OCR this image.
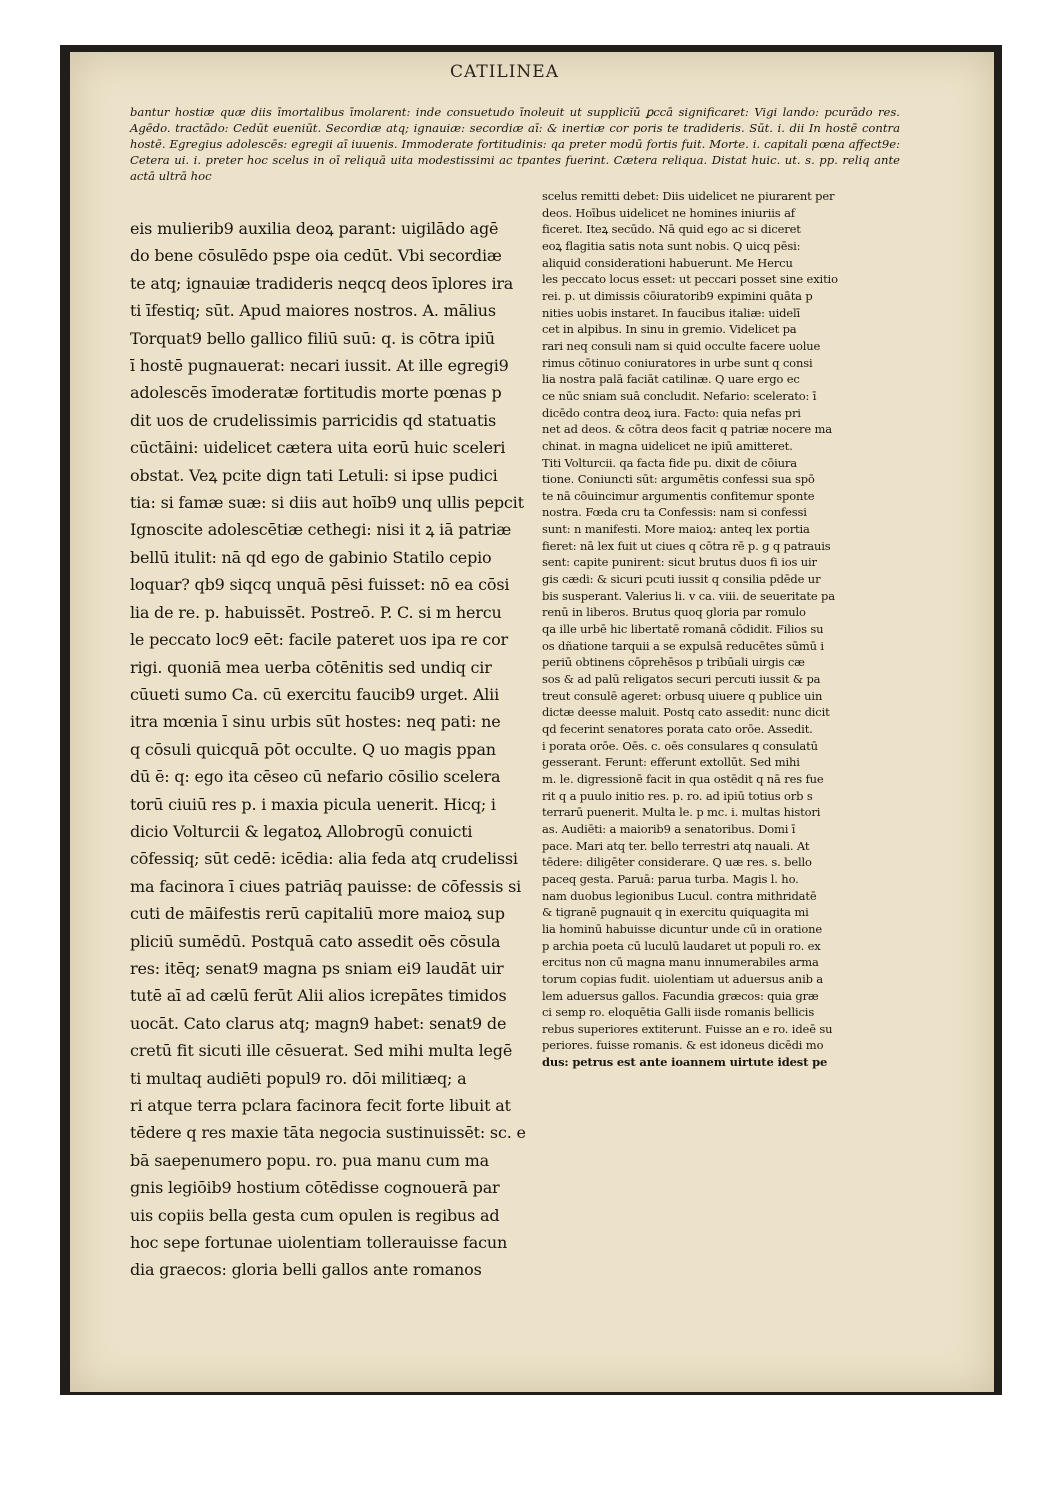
CATILINEA

bantur hostiæ quæ diis īmortalibus īmolarent: inde consuetudo īnoleuit ut supplicĭū ꝑccā significaret: Vigi lando: pcurādo res. Agēdo. tractādo: Cedūt eueniūt. Secordiæ atq; ignauiæ: secordiæ aī: & inertiæ cor poris te tradideris. Sūt. i. dii In hostē contra hostē. Egregius adolescēs: egregii aī iuuenis. Immoderate fortitudinis: qa preter modū fortis fuit. Morte. i. capitali pœna affect9e: Cetera ui. i. preter hoc scelus in oī reliquā uita modestissimi ac tpantes fuerint. Cætera reliqua. Distat huic. ut. s. pp. reliq ante actā ultrā hoc

eis mulierib9 auxilia deoꝝ parant: uigilādo agē
do bene cōsulēdo pspe oia cedūt. Vbi secordiæ
te atq; ignauiæ tradideris neqcq deos īplores ira
ti īfestiq; sūt. Apud maiores nostros. A. mālius
Torquat9 bello gallico filiū suū: q. is cōtra ipiū
ī hostē pugnauerat: necari iussit. At ille egregi9
adolescēs īmoderatæ fortitudis morte pœnas p
dit uos de crudelissimis parricidis qd statuatis
cūctāini: uidelicet cætera uita eorū huic sceleri
obstat. Veꝝ pcite dign tati Letuli: si ipse pudici
tia: si famæ suæ: si diis aut hoīb9 unq ullis pepcit
Ignoscite adolescētiæ cethegi: nisi it ꝝ iā patriæ
bellū itulit: nā qd ego de gabinio Statilo cepio
loquar? qb9 siqcq unquā pēsi fuisset: nō ea cōsi
lia de re. p. habuissēt. Postreō. P. C. si m hercu
le peccato loc9 eēt: facile pateret uos ipa re cor
rigi. quoniā mea uerba cōtēnitis sed undiq cir
cūueti sumo Ca. cū exercitu faucib9 urget. Alii
itra mœnia ī sinu urbis sūt hostes: neq pati: ne
q cōsuli quicquā pōt occulte. Q uo magis ppan
dū ē: q: ego ita cēseo cū nefario cōsilio scelera
torū ciuiū res p. i maxia picula uenerit. Hicq; i
dicio Volturcii & legatoꝝ Allobrogū conuicti
cōfessiq; sūt cedē: icēdia: alia feda atq crudelissi
ma facinora ī ciues patriāq pauisse: de cōfessis si
cuti de māifestis rerū capitaliū more maioꝝ sup
pliciū sumēdū. Postquā cato assedit oēs cōsula
res: itēq; senat9 magna ps sniam ei9 laudāt uir
tutē aī ad cælū ferūt Alii alios icrepātes timidos
uocāt. Cato clarus atq; magn9 habet: senat9 de
cretū fit sicuti ille cēsuerat. Sed mihi multa legē
ti multaq audiēti popul9 ro. dōi militiæq; a
ri atque terra pclara facinora fecit forte libuit at
tēdere q res maxie tāta negocia sustinuissēt: sc. e
bā saepenumero popu. ro. pua manu cum ma
gnis legiōib9 hostium cōtēdisse cognouerā par
uis copiis bella gesta cum opulen is regibus ad
hoc sepe fortunae uiolentiam tollerauisse facun
dia graecos: gloria belli gallos ante romanos
scelus remitti debet: Diis uidelicet ne piurarent per
deos. Hoībus uidelicet ne homines iniuriis af
ficeret. Iteꝝ secūdo. Nā quid ego ac si diceret
eoꝝ flagitia satis nota sunt nobis. Q uicq pēsi:
aliquid considerationi habuerunt. Me Hercu
les peccato locus esset: ut peccari posset sine exitio
rei. p. ut dimissis cōiuratorib9 expimini quāta p
nities uobis instaret. In faucibus italiæ: uidelī
cet in alpibus. In sinu in gremio. Videlicet pa
rari neq consuli nam si quid occulte facere uolue
rimus cōtinuo coniuratores in urbe sunt q consi
lia nostra palā faciāt catilinæ. Q uare ergo ec
ce nūc sniam suā concludit. Nefario: scelerato: ī
dicēdo contra deoꝝ iura. Facto: quia nefas pri
net ad deos. & cōtra deos facit q patriæ nocere ma
chinat. in magna uidelicet ne ipiū amitteret.
Titi Volturcii. qa facta fide pu. dixit de cōiura
tione. Coniuncti sūt: argumētis confessi sua spō
te nā cōuincimur argumentis confitemur sponte
nostra. Fœda cru ta Confessis: nam si confessi
sunt: n manifesti. More maioꝝ: anteq lex portia
fieret: nā lex fuit ut ciues q cōtra rē p. g q patrauis
sent: capite punirent: sicut brutus duos fi ios uir
gis cædi: & sicuri pcuti iussit q consilia pdēde ur
bis susperant. Valerius li. v ca. viii. de seueritate pa
renū in liberos. Brutus quoq gloria par romulo
qa ille urbē hic libertatē romanā cōdidit. Filios su
os dñatione tarquii a se expulsā reducētes sūmū i
periū obtinens cōprehēsos p tribūali uirgis cæ
sos & ad palū religatos securi percuti iussit & pa
treut consulē ageret: orbusq uiuere q publice uin
dictæ deesse maluit. Postq cato assedit: nunc dicit
qd fecerint senatores porata cato orōe. Assedit.
i porata orōe. Oēs. c. oēs consulares q consulatū
gesserant. Ferunt: efferunt extollūt. Sed mihi
m. le. digressionē facit in qua ostēdit q nā res fue
rit q a puulo initio res. p. ro. ad ipiū totius orb s
terrarū puenerit. Multa le. p mc. i. multas histori
as. Audiēti: a maiorib9 a senatoribus. Domi ī
pace. Mari atq ter. bello terrestri atq nauali. At
tēdere: diligēter considerare. Q uæ res. s. bello
paceq gesta. Paruā: parua turba. Magis l. ho.
nam duobus legionibus Lucul. contra mithridatē
& tigranē pugnauit q in exercitu quiquagita mi
lia hominū habuisse dicuntur unde cū in oratione
p archia poeta cū luculū laudaret ut populi ro. ex
ercitus non cū magna manu innumerabiles arma
torum copias fudit. uiolentiam ut aduersus anib a
lem aduersus gallos. Facundia græcos: quia græ
ci semp ro. eloquētia Galli iisde romanis bellicis
rebus superiores extiterunt. Fuisse an e ro. ideē su
periores. fuisse romanis. & est idoneus dicēdi mo
dus: petrus est ante ioannem uirtute idest pe
